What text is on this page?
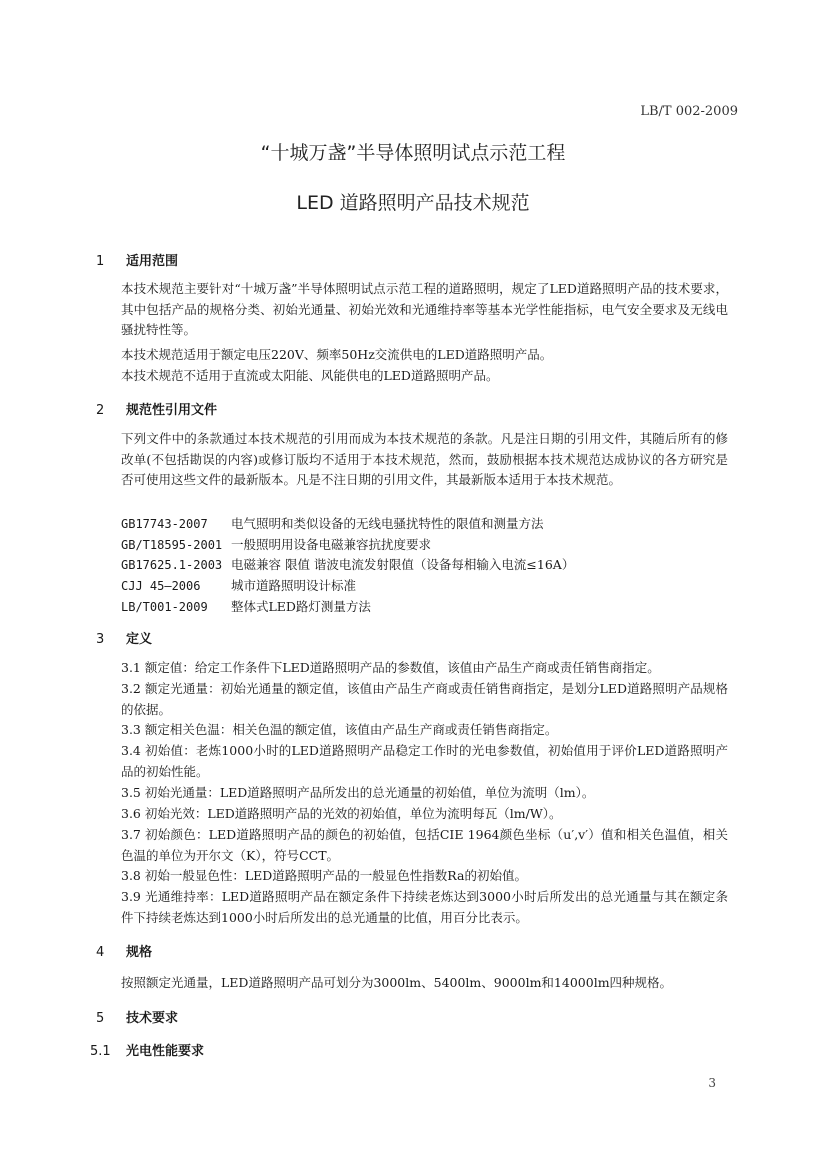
LB/T 002-2009
“十城万盏”半导体照明试点示范工程
LED 道路照明产品技术规范
1 适用范围
本技术规范主要针对“十城万盏”半导体照明试点示范工程的道路照明，规定了LED道路照明产品的技术要求，其中包括产品的规格分类、初始光通量、初始光效和光通维持率等基本光学性能指标，电气安全要求及无线电骚扰特性等。
本技术规范适用于额定电压220V、频率50Hz交流供电的LED道路照明产品。
本技术规范不适用于直流或太阳能、风能供电的LED道路照明产品。
2 规范性引用文件
下列文件中的条款通过本技术规范的引用而成为本技术规范的条款。凡是注日期的引用文件，其随后所有的修改单(不包括勘误的内容)或修订版均不适用于本技术规范，然而，鼓励根据本技术规范达成协议的各方研究是否可使用这些文件的最新版本。凡是不注日期的引用文件，其最新版本适用于本技术规范。
GB17743-2007 电气照明和类似设备的无线电骚扰特性的限值和测量方法
GB/T18595-2001 一般照明用设备电磁兼容抗扰度要求
GB17625.1-2003 电磁兼容 限值 谐波电流发射限值（设备每相输入电流≤16A）
CJJ 45—2006 城市道路照明设计标准
LB/T001-2009 整体式LED路灯测量方法
3 定义
3.1 额定值：给定工作条件下LED道路照明产品的参数值，该值由产品生产商或责任销售商指定。
3.2 额定光通量：初始光通量的额定值，该值由产品生产商或责任销售商指定，是划分LED道路照明产品规格的依据。
3.3 额定相关色温：相关色温的额定值，该值由产品生产商或责任销售商指定。
3.4 初始值：老炼1000小时的LED道路照明产品稳定工作时的光电参数值，初始值用于评价LED道路照明产品的初始性能。
3.5 初始光通量：LED道路照明产品所发出的总光通量的初始值，单位为流明（lm）。
3.6 初始光效：LED道路照明产品的光效的初始值，单位为流明每瓦（lm/W）。
3.7 初始颜色：LED道路照明产品的颜色的初始值，包括CIE 1964颜色坐标（u′,v′）值和相关色温值，相关色温的单位为开尔文（K），符号CCT。
3.8 初始一般显色性：LED道路照明产品的一般显色性指数Ra的初始值。
3.9 光通维持率：LED道路照明产品在额定条件下持续老炼达到3000小时后所发出的总光通量与其在额定条件下持续老炼达到1000小时后所发出的总光通量的比值，用百分比表示。
4 规格
按照额定光通量，LED道路照明产品可划分为3000lm、5400lm、9000lm和14000lm四种规格。
5 技术要求
5.1 光电性能要求
3
